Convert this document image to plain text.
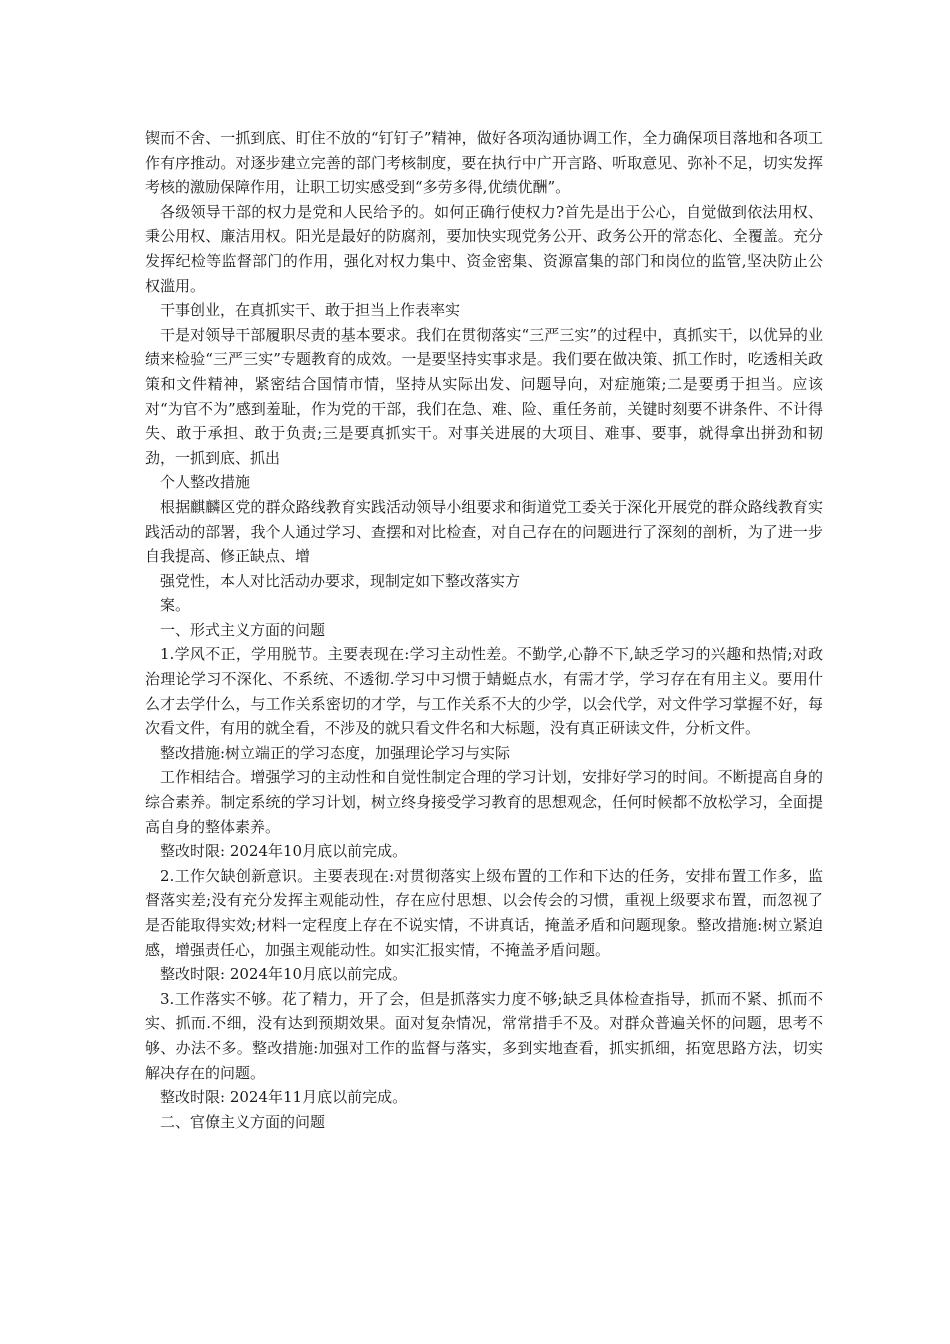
锲而不舍、一抓到底、盯住不放的“钉钉子”精神，做好各项沟通协调工作，全力确保项目落地和各项工作有序推动。对逐步建立完善的部门考核制度，要在执行中广开言路、听取意见、弥补不足，切实发挥考核的激励保障作用，让职工切实感受到“多劳多得,优绩优酬”。

各级领导干部的权力是党和人民给予的。如何正确行使权力?首先是出于公心，自觉做到依法用权、秉公用权、廉洁用权。阳光是最好的防腐剂，要加快实现党务公开、政务公开的常态化、全覆盖。充分发挥纪检等监督部门的作用，强化对权力集中、资金密集、资源富集的部门和岗位的监管,坚决防止公权滥用。

干事创业，在真抓实干、敢于担当上作表率实

干是对领导干部履职尽责的基本要求。我们在贯彻落实“三严三实”的过程中，真抓实干，以优异的业绩来检验“三严三实”专题教育的成效。一是要坚持实事求是。我们要在做决策、抓工作时，吃透相关政策和文件精神，紧密结合国情市情，坚持从实际出发、问题导向，对症施策;二是要勇于担当。应该对“为官不为”感到羞耻，作为党的干部，我们在急、难、险、重任务前，关键时刻要不讲条件、不计得失、敢于承担、敢于负责;三是要真抓实干。对事关进展的大项目、难事、要事，就得拿出拼劲和韧劲，一抓到底、抓出

个人整改措施

根据麒麟区党的群众路线教育实践活动领导小组要求和街道党工委关于深化开展党的群众路线教育实践活动的部署，我个人通过学习、查摆和对比检查，对自己存在的问题进行了深刻的剖析，为了进一步自我提高、修正缺点、增

强党性，本人对比活动办要求，现制定如下整改落实方

案。

一、形式主义方面的问题

1.学风不正，学用脱节。主要表现在:学习主动性差。不勤学,心静不下,缺乏学习的兴趣和热情;对政治理论学习不深化、不系统、不透彻.学习中习惯于蜻蜓点水，有需才学，学习存在有用主义。要用什么才去学什么，与工作关系密切的才学，与工作关系不大的少学，以会代学，对文件学习掌握不好，每次看文件，有用的就全看，不涉及的就只看文件名和大标题，没有真正研读文件，分析文件。

整改措施:树立端正的学习态度，加强理论学习与实际

工作相结合。增强学习的主动性和自觉性制定合理的学习计划，安排好学习的时间。不断提高自身的综合素养。制定系统的学习计划，树立终身接受学习教育的思想观念，任何时候都不放松学习，全面提高自身的整体素养。

整改时限: 2024年10月底以前完成。

2.工作欠缺创新意识。主要表现在:对贯彻落实上级布置的工作和下达的任务，安排布置工作多，监督落实差;没有充分发挥主观能动性，存在应付思想、以会传会的习惯，重视上级要求布置，而忽视了是否能取得实效;材料一定程度上存在不说实情，不讲真话，掩盖矛盾和问题现象。整改措施:树立紧迫感，增强责任心，加强主观能动性。如实汇报实情，不掩盖矛盾问题。

整改时限: 2024年10月底以前完成。

3.工作落实不够。花了精力，开了会，但是抓落实力度不够;缺乏具体检查指导，抓而不紧、抓而不实、抓而.不细，没有达到预期效果。面对复杂情况，常常措手不及。对群众普遍关怀的问题，思考不够、办法不多。整改措施:加强对工作的监督与落实，多到实地查看，抓实抓细，拓宽思路方法，切实解决存在的问题。

整改时限: 2024年11月底以前完成。

二、官僚主义方面的问题
